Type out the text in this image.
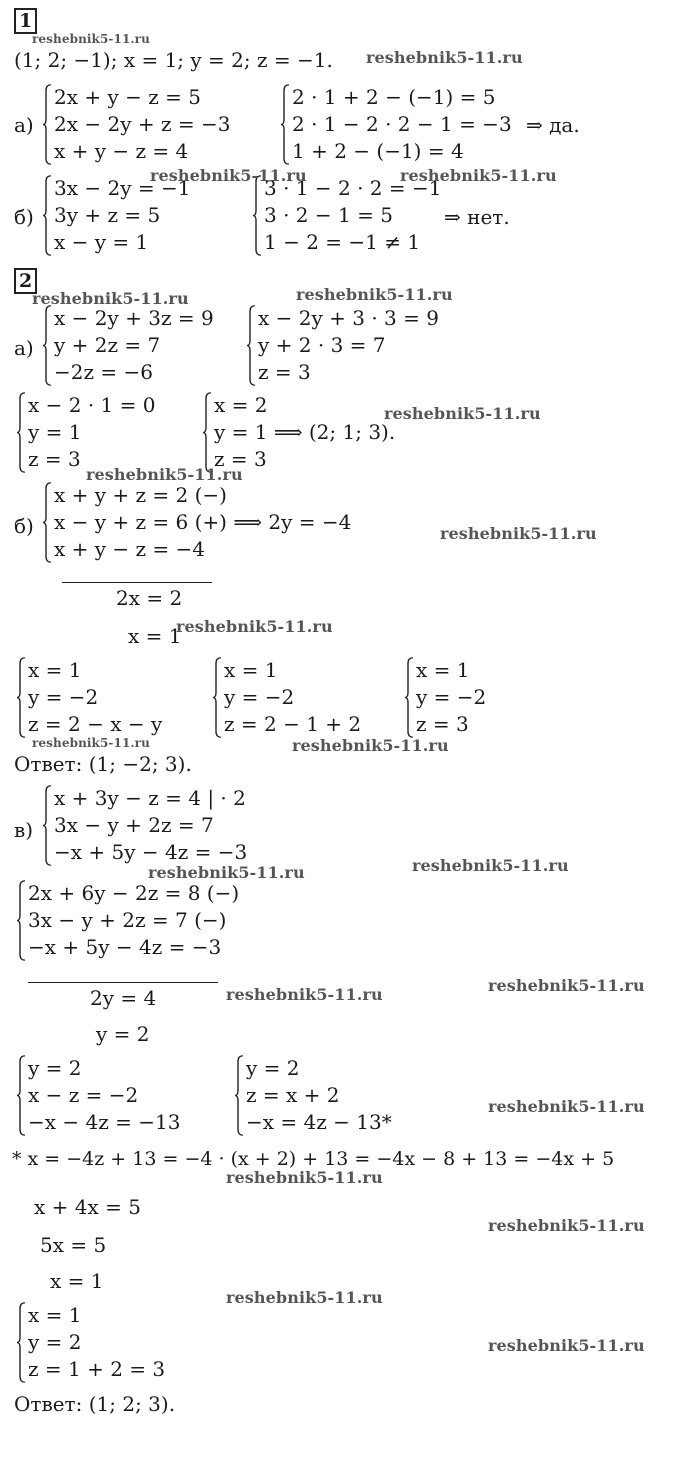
1
reshebnik5-11.ru
(1; 2; −1); x = 1; y = 2; z = −1. reshebnik5-11.ru
а)
2x + y − z = 5
2x − 2y + z = −3
x + y − z = 4
2 · 1 + 2 − (−1) = 5
2 · 1 − 2 · 2 − 1 = −3
1 + 2 − (−1) = 4
⇒ да.
б)
3x − 2y = −1
3y + z = 5
x − y = 1
3 · 1 − 2 · 2 = −1
3 · 2 − 1 = 5
1 − 2 = −1 ≠ 1
⇒ нет.
reshebnik5-11.ru	reshebnik5-11.ru
2
reshebnik5-11.ru	reshebnik5-11.ru
а)
x − 2y + 3z = 9
y + 2z = 7
−2z = −6
x − 2y + 3 · 3 = 9
y + 2 · 3 = 7
z = 3
x − 2 · 1 = 0
y = 1
z = 3
x = 2
y = 1 ⟹ (2; 1; 3).
z = 3
reshebnik5-11.ru
reshebnik5-11.ru
б)
x + y + z = 2 (−)
x − y + z = 6 (+) ⟹ 2y = −4
x + y − z = −4
reshebnik5-11.ru
2x = 2
x = 1
reshebnik5-11.ru
x = 1
y = −2
z = 2 − x − y
x = 1
y = −2
z = 2 − 1 + 2
x = 1
y = −2
z = 3
reshebnik5-11.ru	reshebnik5-11.ru
Ответ: (1; −2; 3).
в)
x + 3y − z = 4 | · 2
3x − y + 2z = 7
−x + 5y − 4z = −3
reshebnik5-11.ru
reshebnik5-11.ru
2x + 6y − 2z = 8 (−)
3x − y + 2z = 7 (−)
−x + 5y − 4z = −3
2y = 4	reshebnik5-11.ru	reshebnik5-11.ru
y = 2
y = 2
x − z = −2
−x − 4z = −13
y = 2
z = x + 2
−x = 4z − 13*
reshebnik5-11.ru
* x = −4z + 13 = −4 · (x + 2) + 13 = −4x − 8 + 13 = −4x + 5
reshebnik5-11.ru
x + 4x = 5
reshebnik5-11.ru
5x = 5
x = 1
reshebnik5-11.ru
x = 1
y = 2
z = 1 + 2 = 3
reshebnik5-11.ru
Ответ: (1; 2; 3).
